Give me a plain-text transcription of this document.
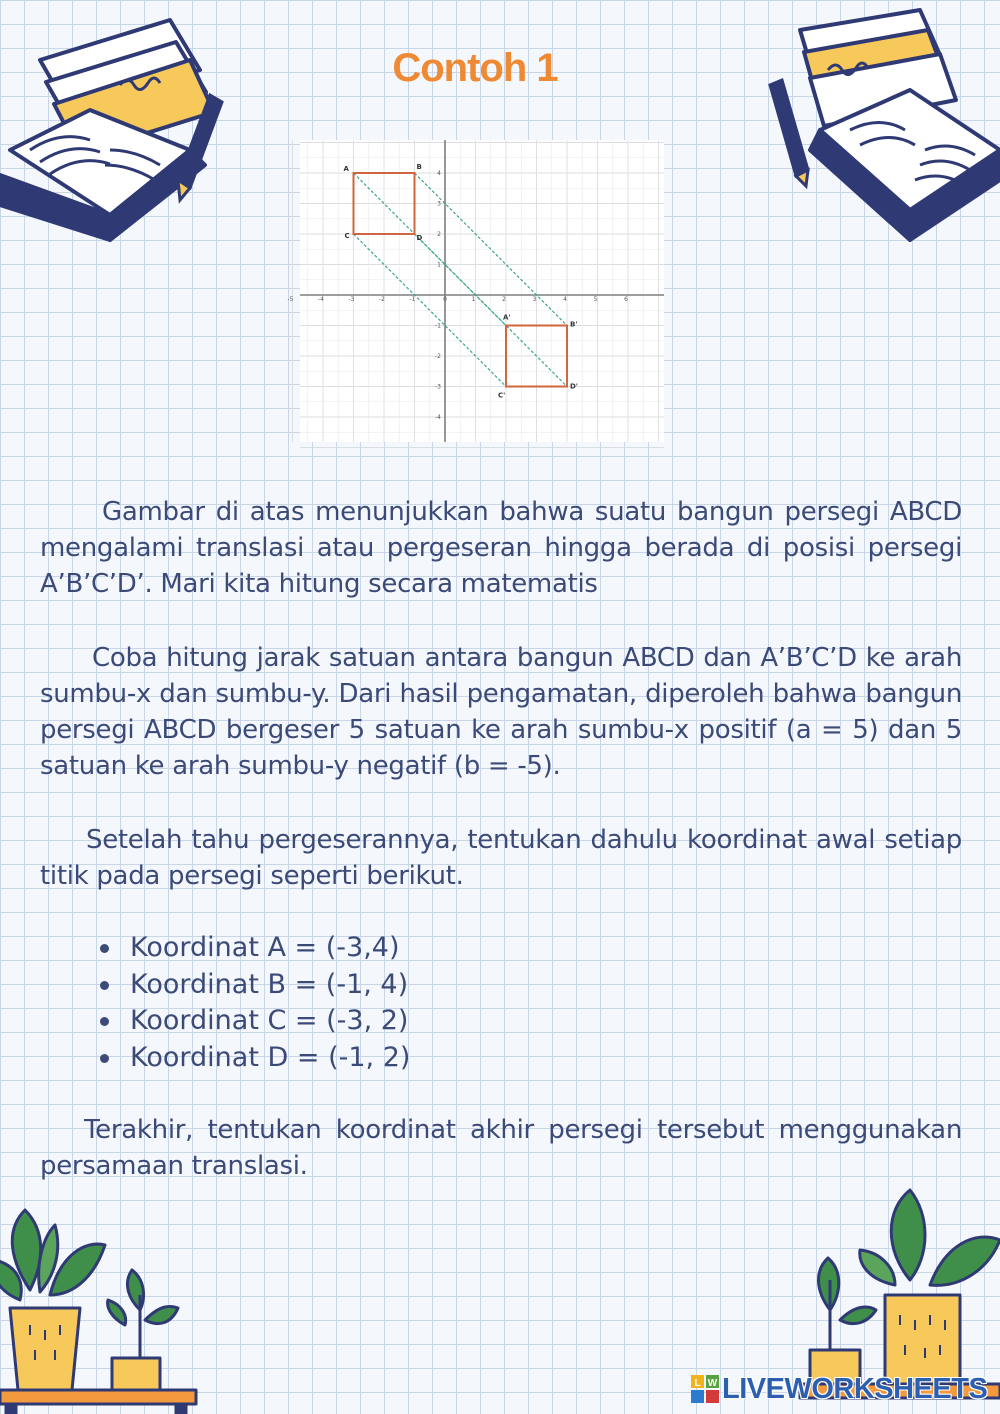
Contoh 1
-5	-4	-3	-2	-1	0	1	2	3	4	5	6
4
3
2
1
-1
-2
-3
-4
A	B
C	D
A'
B'
C'
D'

Gambar di atas menunjukkan bahwa suatu bangun persegi ABCD mengalami translasi atau pergeseran hingga berada di posisi persegi A’B’C’D’. Mari kita hitung secara matematis

Coba hitung jarak satuan antara bangun ABCD dan A’B’C’D ke arah sumbu-x dan sumbu-y. Dari hasil pengamatan, diperoleh bahwa bangun persegi ABCD bergeser 5 satuan ke arah sumbu-x positif (a = 5) dan 5 satuan ke arah sumbu-y negatif (b = -5).

Setelah tahu pergeserannya, tentukan dahulu koordinat awal setiap titik pada persegi seperti berikut.

Koordinat A = (-3,4)
Koordinat B = (-1, 4)
Koordinat C = (-3, 2)
Koordinat D = (-1, 2)

Terakhir, tentukan koordinat akhir persegi tersebut menggunakan persamaan translasi.

L W LIVEWORKSHEETS
